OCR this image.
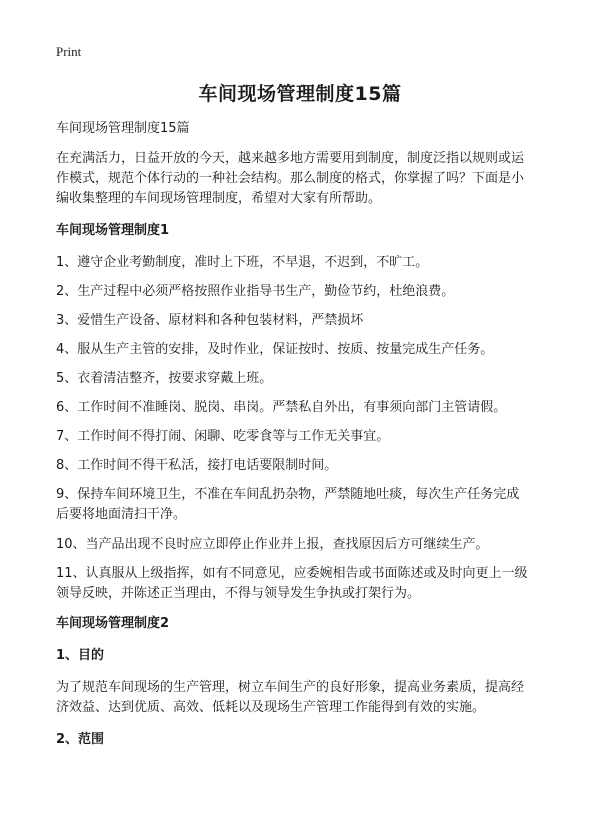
Print
车间现场管理制度15篇

车间现场管理制度15篇

在充满活力，日益开放的今天，越来越多地方需要用到制度，制度泛指以规则或运
作模式，规范个体行动的一种社会结构。那么制度的格式，你掌握了吗？下面是小
编收集整理的车间现场管理制度，希望对大家有所帮助。
车间现场管理制度1
1、遵守企业考勤制度，准时上下班，不早退，不迟到，不旷工。
2、生产过程中必须严格按照作业指导书生产，勤俭节约，杜绝浪费。
3、爱惜生产设备、原材料和各种包装材料，严禁损坏
4、服从生产主管的安排，及时作业，保证按时、按质、按量完成生产任务。
5、衣着清洁整齐，按要求穿戴上班。
6、工作时间不准睡岗、脱岗、串岗。严禁私自外出，有事须向部门主管请假。
7、工作时间不得打闹、闲聊、吃零食等与工作无关事宜。
8、工作时间不得干私活，接打电话要限制时间。
9、保持车间环境卫生，不准在车间乱扔杂物，严禁随地吐痰，每次生产任务完成
后要将地面清扫干净。
10、当产品出现不良时应立即停止作业并上报，查找原因后方可继续生产。
11、认真服从上级指挥，如有不同意见，应委婉相告或书面陈述或及时向更上一级
领导反映，并陈述正当理由，不得与领导发生争执或打架行为。
车间现场管理制度2
1、目的
为了规范车间现场的生产管理，树立车间生产的良好形象，提高业务素质，提高经
济效益、达到优质、高效、低耗以及现场生产管理工作能得到有效的实施。
2、范围
